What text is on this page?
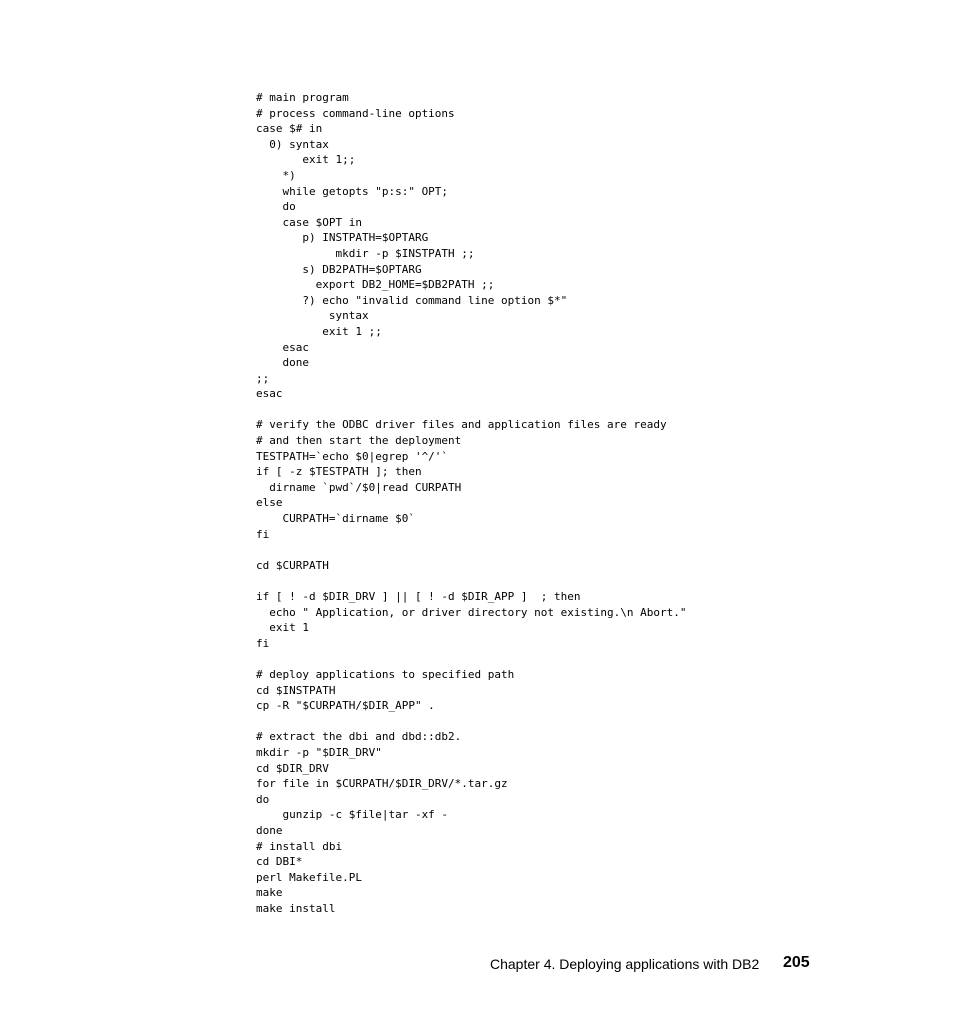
# main program
# process command-line options
case $# in
0) syntax
exit 1;;
*)
while getopts "p:s:" OPT;
do
case $OPT in
p) INSTPATH=$OPTARG
mkdir -p $INSTPATH ;;
s) DB2PATH=$OPTARG
export DB2_HOME=$DB2PATH ;;
?) echo "invalid command line option $*"
syntax
exit 1 ;;
esac
done
;;
esac
# verify the ODBC driver files and application files are ready
# and then start the deployment
TESTPATH=`echo $0|egrep '^/'`
if [ -z $TESTPATH ]; then
dirname `pwd`/$0|read CURPATH
else
CURPATH=`dirname $0`
fi
cd $CURPATH
if [ ! -d $DIR_DRV ] || [ ! -d $DIR_APP ]  ; then
echo " Application, or driver directory not existing.\n Abort."
exit 1
fi
# deploy applications to specified path
cd $INSTPATH
cp -R "$CURPATH/$DIR_APP" .
# extract the dbi and dbd::db2.
mkdir -p "$DIR_DRV"
cd $DIR_DRV
for file in $CURPATH/$DIR_DRV/*.tar.gz
do
gunzip -c $file|tar -xf -
done
# install dbi
cd DBI*
perl Makefile.PL
make
make install
Chapter 4. Deploying applications with DB2 205
